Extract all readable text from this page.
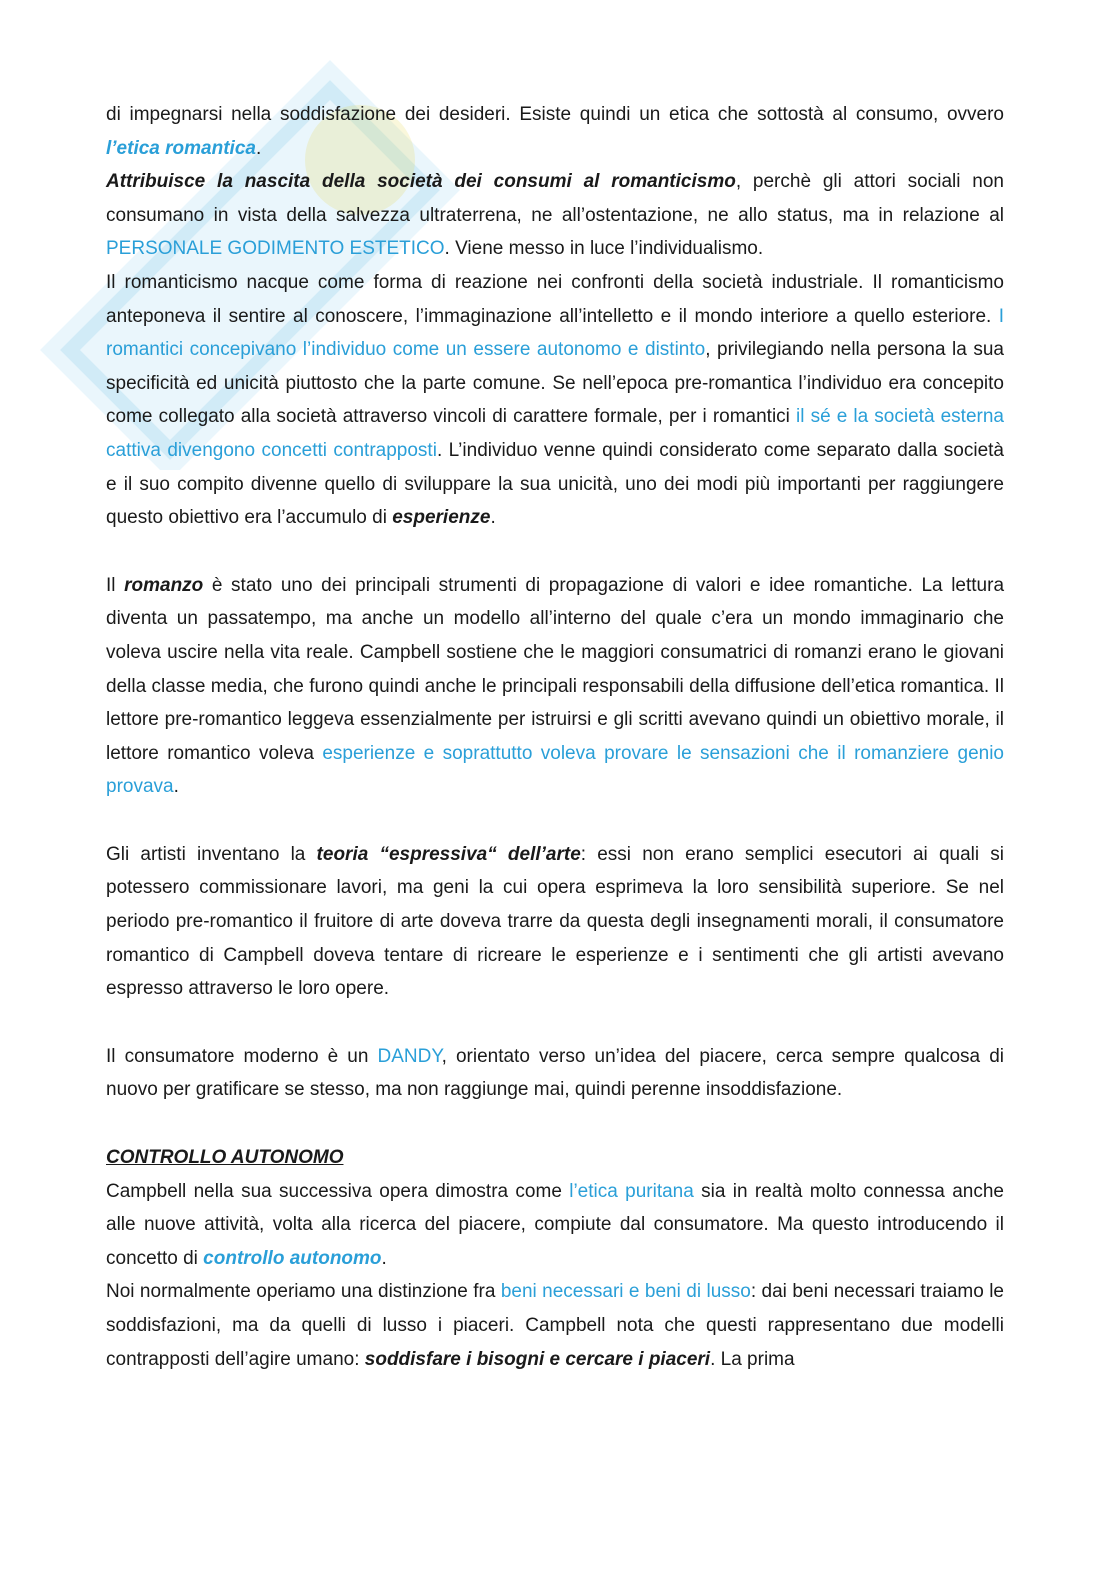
di impegnarsi nella soddisfazione dei desideri. Esiste quindi un etica che sottostà al consumo, ovvero l’etica romantica.

Attribuisce la nascita della società dei consumi al romanticismo, perchè gli attori sociali non consumano in vista della salvezza ultraterrena, ne all’ostentazione, ne allo status, ma in relazione al PERSONALE GODIMENTO ESTETICO. Viene messo in luce l’individualismo.

Il romanticismo nacque come forma di reazione nei confronti della società industriale. Il romanticismo anteponeva il sentire al conoscere, l’immaginazione all’intelletto e il mondo interiore a quello esteriore. I romantici concepivano l’individuo come un essere autonomo e distinto, privilegiando nella persona la sua specificità ed unicità piuttosto che la parte comune. Se nell’epoca pre-romantica l’individuo era concepito come collegato alla società attraverso vincoli di carattere formale, per i romantici il sé e la società esterna cattiva divengono concetti contrapposti. L’individuo venne quindi considerato come separato dalla società e il suo compito divenne quello di sviluppare la sua unicità, uno dei modi più importanti per raggiungere questo obiettivo era l’accumulo di esperienze.

Il romanzo è stato uno dei principali strumenti di propagazione di valori e idee romantiche. La lettura diventa un passatempo, ma anche un modello all’interno del quale c’era un mondo immaginario che voleva uscire nella vita reale. Campbell sostiene che le maggiori consumatrici di romanzi erano le giovani della classe media, che furono quindi anche le principali responsabili della diffusione dell’etica romantica. Il lettore pre-romantico leggeva essenzialmente per istruirsi e gli scritti avevano quindi un obiettivo morale, il lettore romantico voleva esperienze e soprattutto voleva provare le sensazioni che il romanziere genio provava.

Gli artisti inventano la teoria “espressiva“ dell’arte: essi non erano semplici esecutori ai quali si potessero commissionare lavori, ma geni la cui opera esprimeva la loro sensibilità superiore. Se nel periodo pre-romantico il fruitore di arte doveva trarre da questa degli insegnamenti morali, il consumatore romantico di Campbell doveva tentare di ricreare le esperienze e i sentimenti che gli artisti avevano espresso attraverso le loro opere.

Il consumatore moderno è un DANDY, orientato verso un’idea del piacere, cerca sempre qualcosa di nuovo per gratificare se stesso, ma non raggiunge mai, quindi perenne insoddisfazione.

CONTROLLO AUTONOMO

Campbell nella sua successiva opera dimostra come l’etica puritana sia in realtà molto connessa anche alle nuove attività, volta alla ricerca del piacere, compiute dal consumatore. Ma questo introducendo il concetto di controllo autonomo.

Noi normalmente operiamo una distinzione fra beni necessari e beni di lusso: dai beni necessari traiamo le soddisfazioni, ma da quelli di lusso i piaceri. Campbell nota che questi rappresentano due modelli contrapposti dell’agire umano: soddisfare i bisogni e cercare i piaceri. La prima
